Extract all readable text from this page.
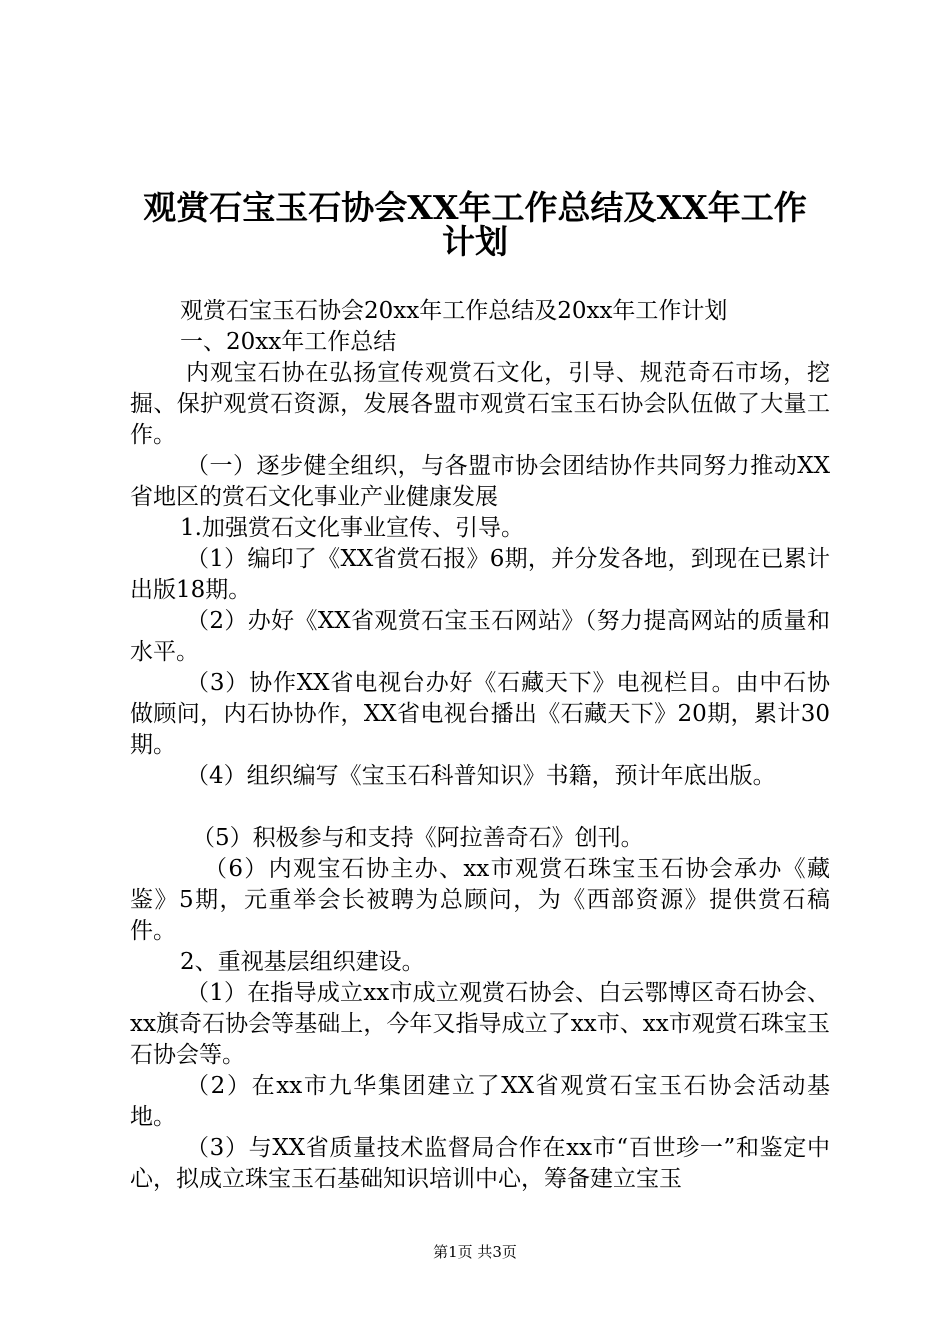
观赏石宝玉石协会XX年工作总结及XX年工作
计划

观赏石宝玉石协会20xx年工作总结及20xx年工作计划

一、20xx年工作总结

内观宝石协在弘扬宣传观赏石文化，引导、规范奇石市场，挖掘、保护观赏石资源，发展各盟市观赏石宝玉石协会队伍做了大量工作。

（一）逐步健全组织，与各盟市协会团结协作共同努力推动XX省地区的赏石文化事业产业健康发展

1.加强赏石文化事业宣传、引导。

（1）编印了《XX省赏石报》6期，并分发各地，到现在已累计出版18期。

（2）办好《XX省观赏石宝玉石网站》（努力提高网站的质量和水平。

（3）协作XX省电视台办好《石藏天下》电视栏目。由中石协做顾问，内石协协作，XX省电视台播出《石藏天下》20期，累计30期。

（4）组织编写《宝玉石科普知识》书籍，预计年底出版。

（5）积极参与和支持《阿拉善奇石》创刊。

（6）内观宝石协主办、xx市观赏石珠宝玉石协会承办《藏鉴》5期，元重举会长被聘为总顾问，为《西部资源》提供赏石稿件。

2、重视基层组织建设。

（1）在指导成立xx市成立观赏石协会、白云鄂博区奇石协会、xx旗奇石协会等基础上，今年又指导成立了xx市、xx市观赏石珠宝玉石协会等。

（2）在xx市九华集团建立了XX省观赏石宝玉石协会活动基地。

（3）与XX省质量技术监督局合作在xx市“百世珍一”和鉴定中心，拟成立珠宝玉石基础知识培训中心，筹备建立宝玉

第1页 共3页
